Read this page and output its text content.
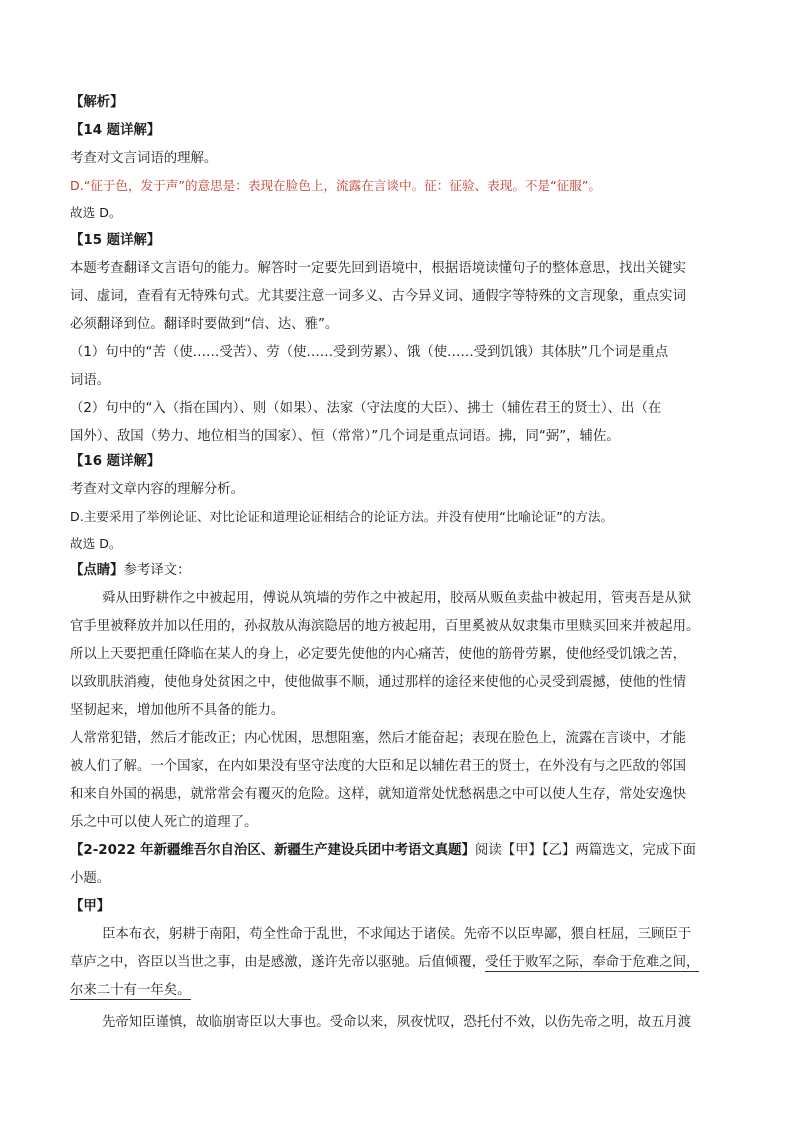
【解析】
【14 题详解】
考查对文言词语的理解。
D.“征于色，发于声”的意思是：表现在脸色上，流露在言谈中。征：征验、表现。不是“征服”。
故选 D。
【15 题详解】
本题考查翻译文言语句的能力。解答时一定要先回到语境中，根据语境读懂句子的整体意思，找出关键实
词、虚词，查看有无特殊句式。尤其要注意一词多义、古今异义词、通假字等特殊的文言现象，重点实词
必须翻译到位。翻译时要做到“信、达、雅”。
（1）句中的“苦（使……受苦）、劳（使……受到劳累）、饿（使……受到饥饿）其体肤”几个词是重点
词语。
（2）句中的“入（指在国内）、则（如果）、法家（守法度的大臣）、拂士（辅佐君王的贤士）、出（在
国外）、敌国（势力、地位相当的国家）、恒（常常）”几个词是重点词语。拂，同“弼”，辅佐。
【16 题详解】
考查对文章内容的理解分析。
D.主要采用了举例论证、对比论证和道理论证相结合的论证方法。并没有使用“比喻论证”的方法。
故选 D。
【点睛】参考译文：
舜从田野耕作之中被起用，傅说从筑墙的劳作之中被起用，胶鬲从贩鱼卖盐中被起用，管夷吾是从狱
官手里被释放并加以任用的，孙叔敖从海滨隐居的地方被起用，百里奚被从奴隶集市里赎买回来并被起用。
所以上天要把重任降临在某人的身上，必定要先使他的内心痛苦，使他的筋骨劳累，使他经受饥饿之苦，
以致肌肤消瘦，使他身处贫困之中，使他做事不顺，通过那样的途径来使他的心灵受到震撼，使他的性情
坚韧起来，增加他所不具备的能力。
人常常犯错，然后才能改正；内心忧困，思想阻塞，然后才能奋起；表现在脸色上，流露在言谈中，才能
被人们了解。一个国家，在内如果没有坚守法度的大臣和足以辅佐君王的贤士，在外没有与之匹敌的邻国
和来自外国的祸患，就常常会有覆灭的危险。这样，就知道常处忧愁祸患之中可以使人生存，常处安逸快
乐之中可以使人死亡的道理了。
【2-2022 年新疆维吾尔自治区、新疆生产建设兵团中考语文真题】阅读【甲】【乙】两篇选文，完成下面
小题。
【甲】
臣本布衣，躬耕于南阳，苟全性命于乱世，不求闻达于诸侯。先帝不以臣卑鄙，猥自枉屈，三顾臣于
草庐之中，咨臣以当世之事，由是感激，遂许先帝以驱驰。后值倾覆，受任于败军之际，奉命于危难之间，
尔来二十有一年矣。
先帝知臣谨慎，故临崩寄臣以大事也。受命以来，夙夜忧叹，恐托付不效，以伤先帝之明，故五月渡
